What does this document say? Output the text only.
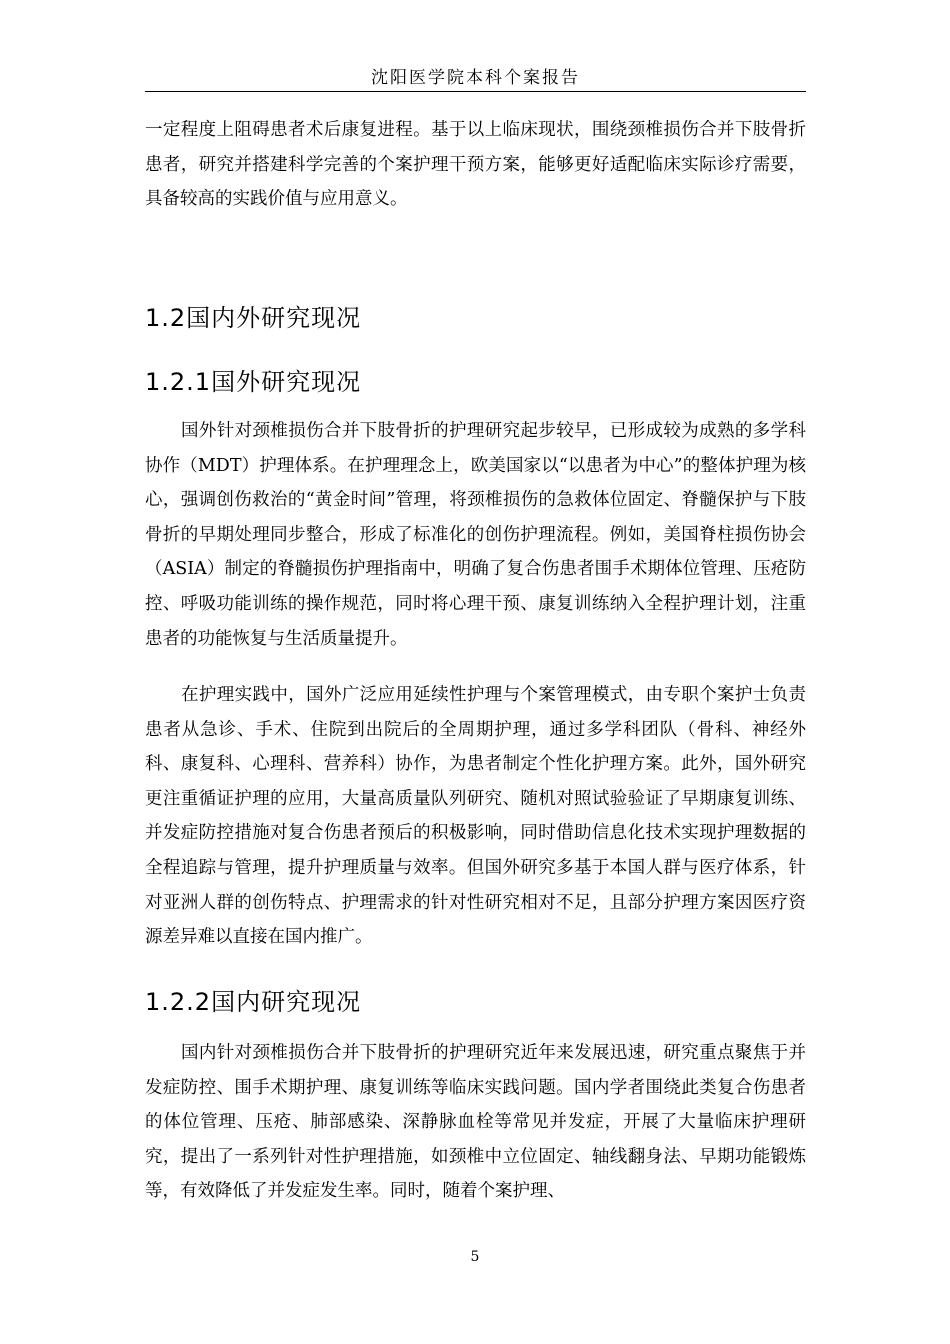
沈阳医学院本科个案报告

一定程度上阻碍患者术后康复进程。基于以上临床现状，围绕颈椎损伤合并下肢骨折患者，研究并搭建科学完善的个案护理干预方案，能够更好适配临床实际诊疗需要，具备较高的实践价值与应用意义。

1.2国内外研究现况
1.2.1国外研究现况

国外针对颈椎损伤合并下肢骨折的护理研究起步较早，已形成较为成熟的多学科协作（MDT）护理体系。在护理理念上，欧美国家以“以患者为中心”的整体护理为核心，强调创伤救治的“黄金时间”管理，将颈椎损伤的急救体位固定、脊髓保护与下肢骨折的早期处理同步整合，形成了标准化的创伤护理流程。例如，美国脊柱损伤协会（ASIA）制定的脊髓损伤护理指南中，明确了复合伤患者围手术期体位管理、压疮防控、呼吸功能训练的操作规范，同时将心理干预、康复训练纳入全程护理计划，注重患者的功能恢复与生活质量提升。

在护理实践中，国外广泛应用延续性护理与个案管理模式，由专职个案护士负责患者从急诊、手术、住院到出院后的全周期护理，通过多学科团队（骨科、神经外科、康复科、心理科、营养科）协作，为患者制定个性化护理方案。此外，国外研究更注重循证护理的应用，大量高质量队列研究、随机对照试验验证了早期康复训练、并发症防控措施对复合伤患者预后的积极影响，同时借助信息化技术实现护理数据的全程追踪与管理，提升护理质量与效率。但国外研究多基于本国人群与医疗体系，针对亚洲人群的创伤特点、护理需求的针对性研究相对不足，且部分护理方案因医疗资源差异难以直接在国内推广。

1.2.2国内研究现况

国内针对颈椎损伤合并下肢骨折的护理研究近年来发展迅速，研究重点聚焦于并发症防控、围手术期护理、康复训练等临床实践问题。国内学者围绕此类复合伤患者的体位管理、压疮、肺部感染、深静脉血栓等常见并发症，开展了大量临床护理研究，提出了一系列针对性护理措施，如颈椎中立位固定、轴线翻身法、早期功能锻炼等，有效降低了并发症发生率。同时，随着个案护理、

5
